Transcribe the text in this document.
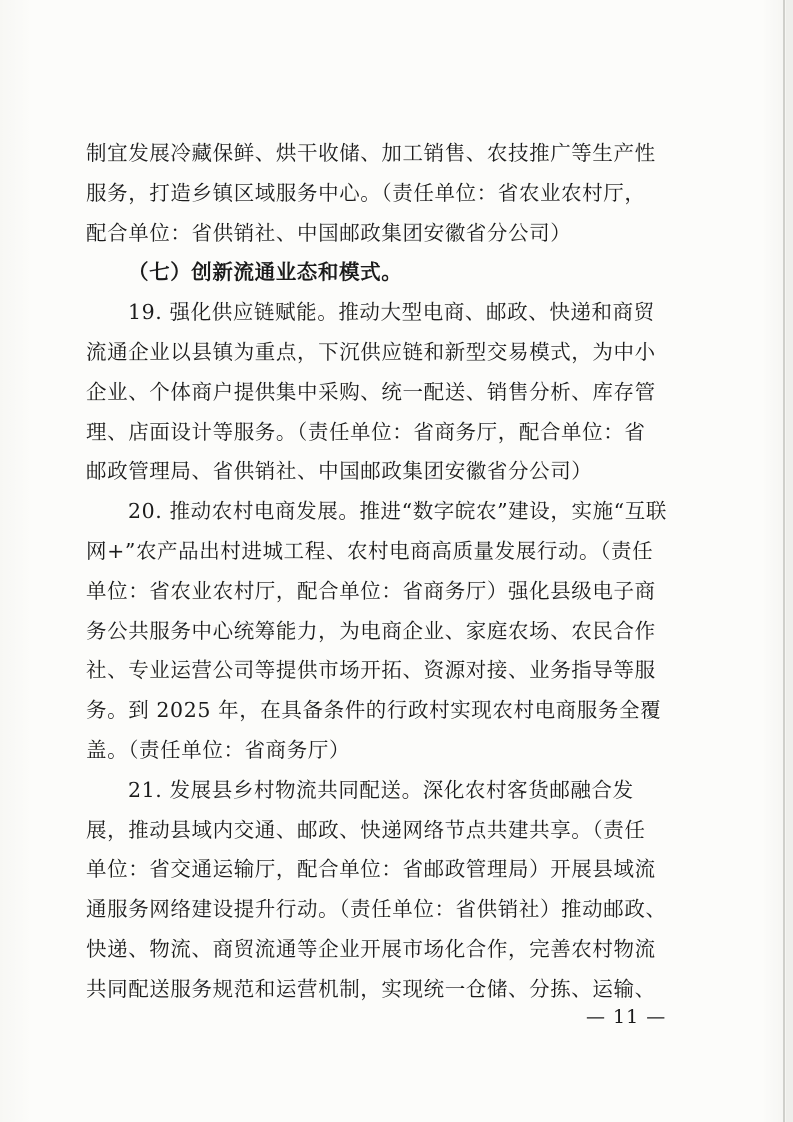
制宜发展冷藏保鲜、烘干收储、加工销售、农技推广等生产性
服务，打造乡镇区域服务中心。（责任单位：省农业农村厅，
配合单位：省供销社、中国邮政集团安徽省分公司）
（七）创新流通业态和模式。
19. 强化供应链赋能。推动大型电商、邮政、快递和商贸
流通企业以县镇为重点，下沉供应链和新型交易模式，为中小
企业、个体商户提供集中采购、统一配送、销售分析、库存管
理、店面设计等服务。（责任单位：省商务厅，配合单位：省
邮政管理局、省供销社、中国邮政集团安徽省分公司）
20. 推动农村电商发展。推进“数字皖农”建设，实施“互联
网+”农产品出村进城工程、农村电商高质量发展行动。（责任
单位：省农业农村厅，配合单位：省商务厅）强化县级电子商
务公共服务中心统筹能力，为电商企业、家庭农场、农民合作
社、专业运营公司等提供市场开拓、资源对接、业务指导等服
务。到 2025 年，在具备条件的行政村实现农村电商服务全覆
盖。（责任单位：省商务厅）
21. 发展县乡村物流共同配送。深化农村客货邮融合发
展，推动县域内交通、邮政、快递网络节点共建共享。（责任
单位：省交通运输厅，配合单位：省邮政管理局）开展县域流
通服务网络建设提升行动。（责任单位：省供销社）推动邮政、
快递、物流、商贸流通等企业开展市场化合作，完善农村物流
共同配送服务规范和运营机制，实现统一仓储、分拣、运输、
— 11 —
